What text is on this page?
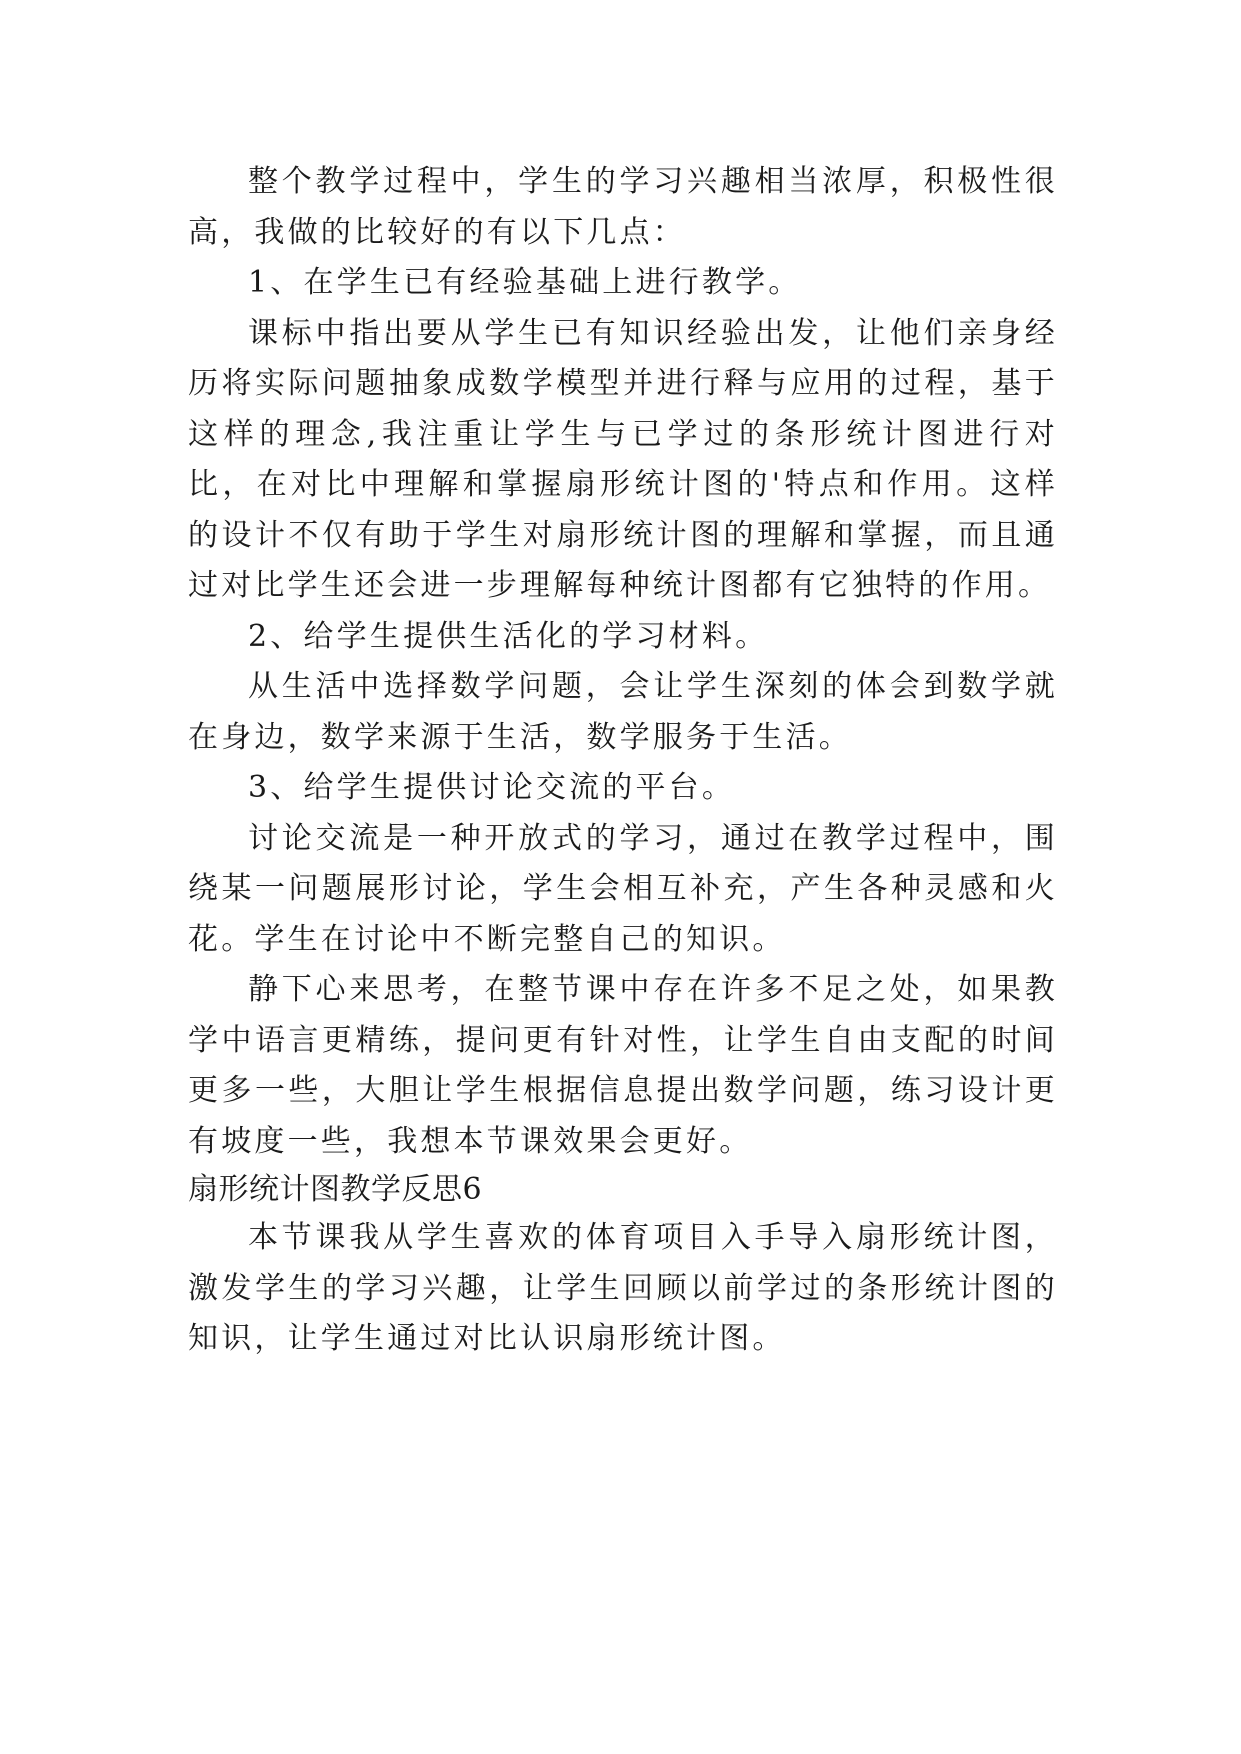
整个教学过程中，学生的学习兴趣相当浓厚，积极性很高，我做的比较好的有以下几点：

1、在学生已有经验基础上进行教学。

课标中指出要从学生已有知识经验出发，让他们亲身经历将实际问题抽象成数学模型并进行释与应用的过程，基于这样的理念,我注重让学生与已学过的条形统计图进行对比，在对比中理解和掌握扇形统计图的'特点和作用。这样的设计不仅有助于学生对扇形统计图的理解和掌握，而且通过对比学生还会进一步理解每种统计图都有它独特的作用。

2、给学生提供生活化的学习材料。

从生活中选择数学问题，会让学生深刻的体会到数学就在身边，数学来源于生活，数学服务于生活。

3、给学生提供讨论交流的平台。

讨论交流是一种开放式的学习，通过在教学过程中，围绕某一问题展形讨论，学生会相互补充，产生各种灵感和火花。学生在讨论中不断完整自己的知识。

静下心来思考，在整节课中存在许多不足之处，如果教学中语言更精练，提问更有针对性，让学生自由支配的时间更多一些，大胆让学生根据信息提出数学问题，练习设计更有坡度一些，我想本节课效果会更好。

扇形统计图教学反思6

本节课我从学生喜欢的体育项目入手导入扇形统计图，激发学生的学习兴趣，让学生回顾以前学过的条形统计图的知识，让学生通过对比认识扇形统计图。
